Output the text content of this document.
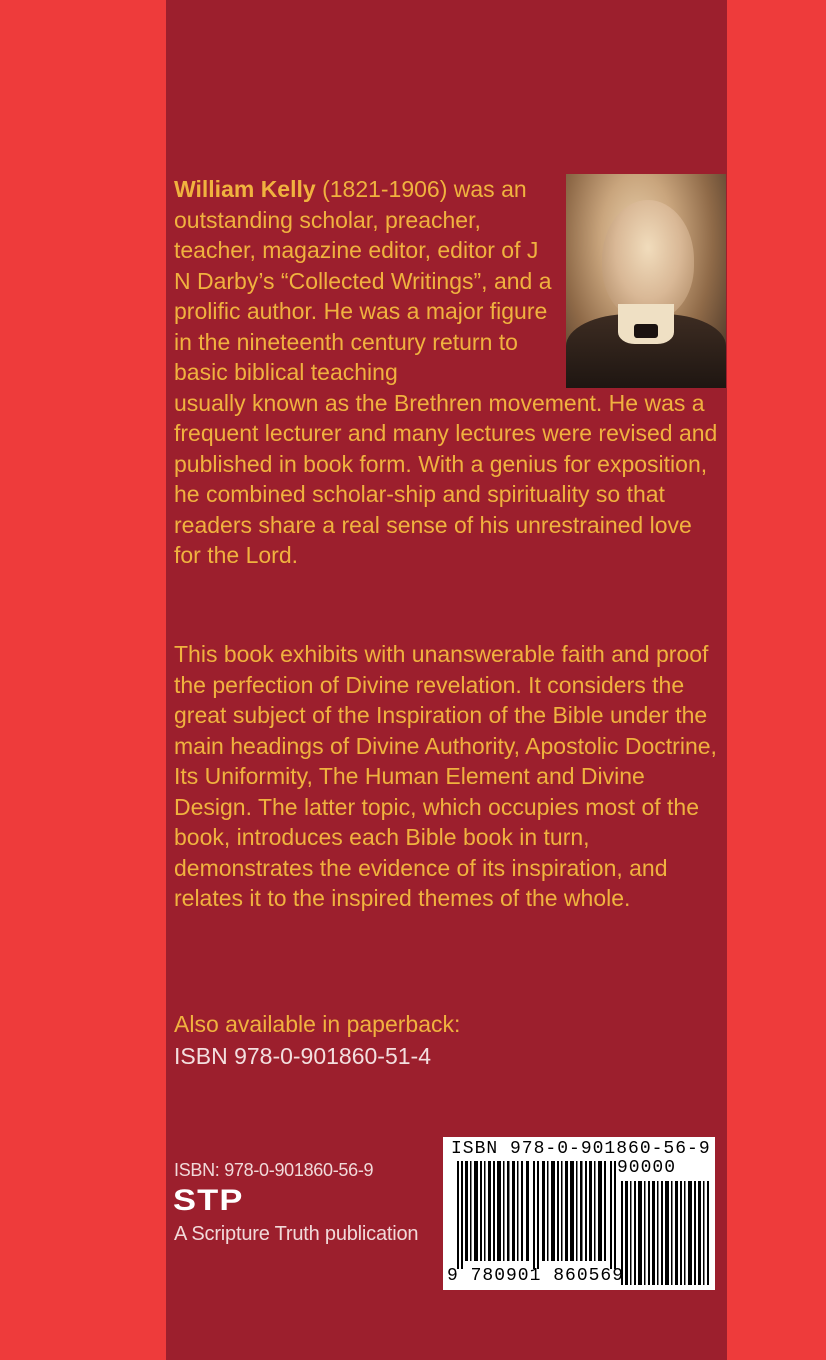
William Kelly (1821-1906) was an outstanding scholar, preacher, teacher, magazine editor, editor of J N Darby’s “Collected Writings”, and a prolific author. He was a major figure in the nineteenth century return to basic biblical teaching
usually known as the Brethren movement. He was a frequent lecturer and many lectures were revised and published in book form. With a genius for exposition, he combined scholar-ship and spirituality so that readers share a real sense of his unrestrained love for the Lord.

This book exhibits with unanswerable faith and proof the perfection of Divine revelation. It considers the great subject of the Inspiration of the Bible under the main headings of Divine Authority, Apostolic Doctrine, Its Uniformity, The Human Element and Divine Design. The latter topic, which occupies most of the book, introduces each Bible book in turn, demonstrates the evidence of its inspiration, and relates it to the inspired themes of the whole.

Also available in paperback:

ISBN 978-0-901860-51-4

ISBN: 978-0-901860-56-9
STP
A Scripture Truth publication
ISBN 978-0-901860-56-9
90000
9 780901 860569
